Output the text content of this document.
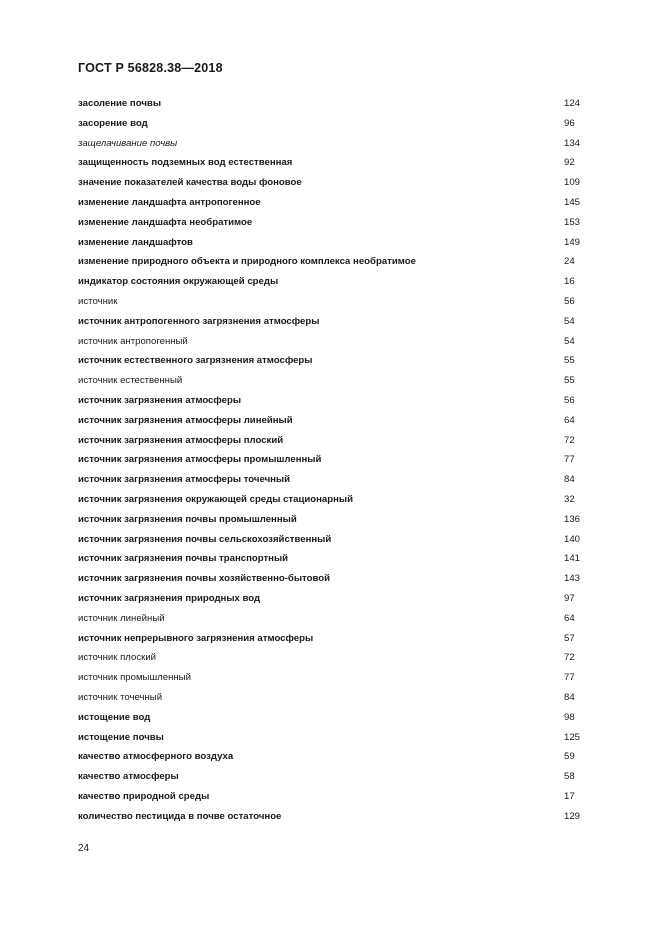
ГОСТ Р 56828.38—2018
засоление почвы	124
засорение вод	96
защелачивание почвы	134
защищенность подземных вод естественная	92
значение показателей качества воды фоновое	109
изменение ландшафта антропогенное	145
изменение ландшафта необратимое	153
изменение ландшафтов	149
изменение природного объекта и природного комплекса необратимое	24
индикатор состояния окружающей среды	16
источник	56
источник антропогенного загрязнения атмосферы	54
источник антропогенный	54
источник естественного загрязнения атмосферы	55
источник естественный	55
источник загрязнения атмосферы	56
источник загрязнения атмосферы линейный	64
источник загрязнения атмосферы плоский	72
источник загрязнения атмосферы промышленный	77
источник загрязнения атмосферы точечный	84
источник загрязнения окружающей среды стационарный	32
источник загрязнения почвы промышленный	136
источник загрязнения почвы сельскохозяйственный	140
источник загрязнения почвы транспортный	141
источник загрязнения почвы хозяйственно-бытовой	143
источник загрязнения природных вод	97
источник линейный	64
источник непрерывного загрязнения атмосферы	57
источник плоский	72
источник промышленный	77
источник точечный	84
истощение вод	98
истощение почвы	125
качество атмосферного воздуха	59
качество атмосферы	58
качество природной среды	17
количество пестицида в почве остаточное	129
24
